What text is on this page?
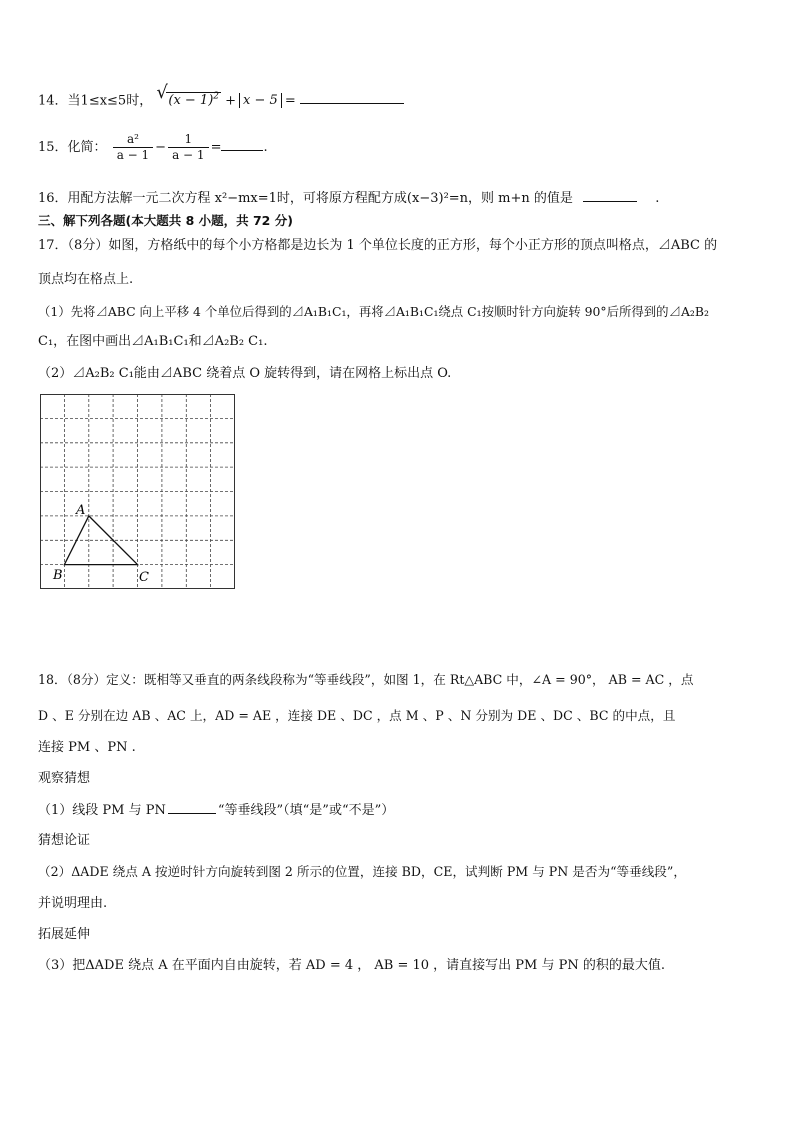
14．当1≤x≤5时， √ $(x - 1)^2 + x - 5$ =
15．化简： $\frac{\text{a²}}{a - 1} - \frac{1}{a - 1}$ =	.
16．用配方法解一元二次方程 x²−mx=1时，可将原方程配方成(x−3)²=n，则 m+n 的值是	.
三、解下列各题(本大题共 8 小题，共 72 分)
17．（8分）如图，方格纸中的每个小方格都是边长为 1 个单位长度的正方形，每个小正方形的顶点叫格点，⊿ABC 的
顶点均在格点上.
（1）先将⊿ABC 向上平移 4 个单位后得到的⊿A₁B₁C₁，再将⊿A₁B₁C₁绕点 C₁按顺时针方向旋转 90°后所得到的⊿A₂B₂
C₁，在图中画出⊿A₁B₁C₁和⊿A₂B₂ C₁.
（2）⊿A₂B₂ C₁能由⊿ABC 绕着点 O 旋转得到，请在网格上标出点 O.
A
B	C
18．（8分）定义：既相等又垂直的两条线段称为“等垂线段”，如图 1，在 Rt△ABC 中，∠A = 90°， AB = AC ，点
D 、E 分别在边 AB 、AC 上，AD = AE ，连接 DE 、DC ，点 M 、P 、N 分别为 DE 、DC 、BC 的中点，且
连接 PM 、PN .
观察猜想
（1）线段 PM 与 PN	“等垂线段”（填“是”或“不是”）
猜想论证
（2）ΔADE 绕点 A 按逆时针方向旋转到图 2 所示的位置，连接 BD，CE，试判断 PM 与 PN 是否为“等垂线段”，
并说明理由.
拓展延伸
（3）把ΔADE 绕点 A 在平面内自由旋转，若 AD = 4 ， AB = 10 ，请直接写出 PM 与 PN 的积的最大值.
